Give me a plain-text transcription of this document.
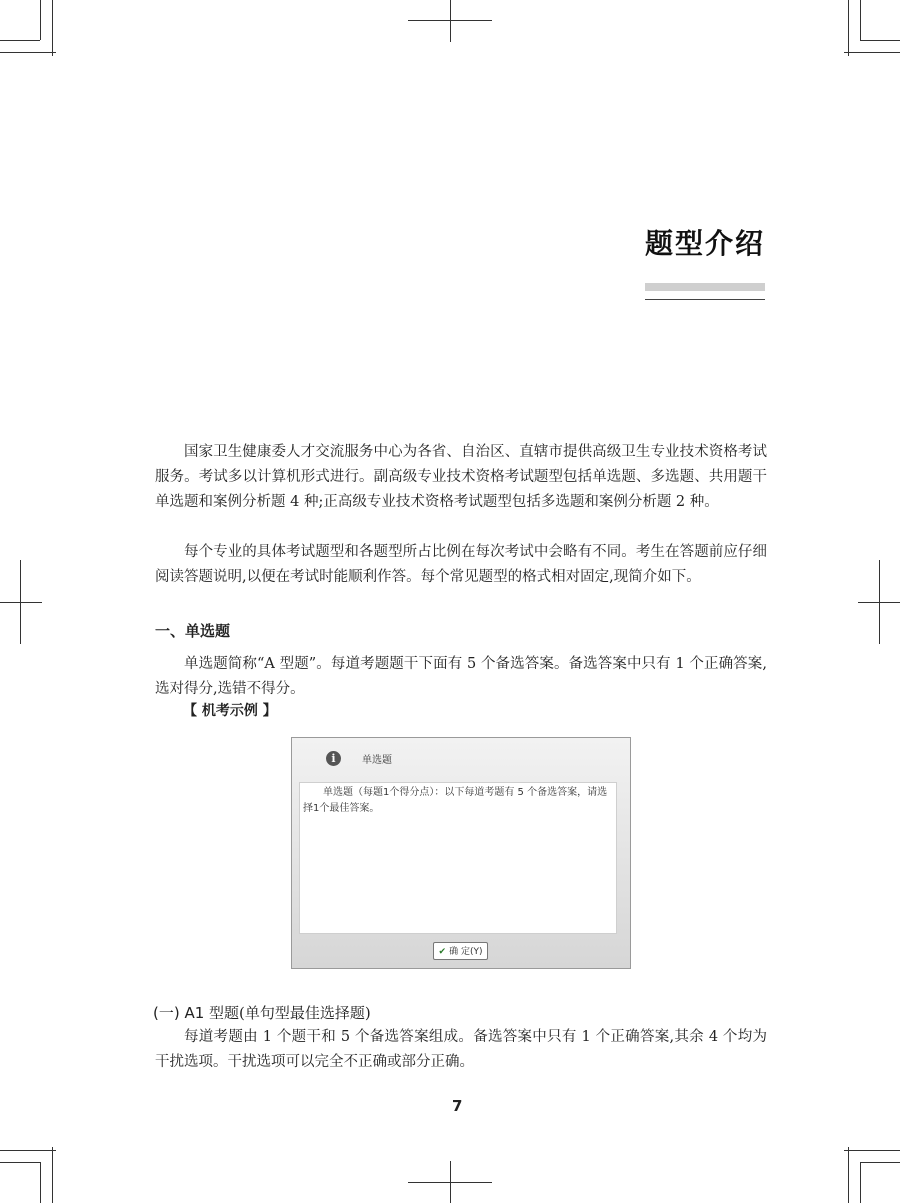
题型介绍

国家卫生健康委人才交流服务中心为各省、自治区、直辖市提供高级卫生专业技术资格考试服务。考试多以计算机形式进行。副高级专业技术资格考试题型包括单选题、多选题、共用题干单选题和案例分析题 4 种;正高级专业技术资格考试题型包括多选题和案例分析题 2 种。

每个专业的具体考试题型和各题型所占比例在每次考试中会略有不同。考生在答题前应仔细阅读答题说明,以便在考试时能顺利作答。每个常见题型的格式相对固定,现简介如下。

一、单选题

单选题简称“A 型题”。每道考题题干下面有 5 个备选答案。备选答案中只有 1 个正确答案,选对得分,选错不得分。

【 机考示例 】
i	单选题
单选题（每题1个得分点）：以下每道考题有 5 个备选答案，请选择1个最佳答案。
✔ 确 定(Y)
(一) A1 型题(单句型最佳选择题)

每道考题由 1 个题干和 5 个备选答案组成。备选答案中只有 1 个正确答案,其余 4 个均为干扰选项。干扰选项可以完全不正确或部分正确。

7
